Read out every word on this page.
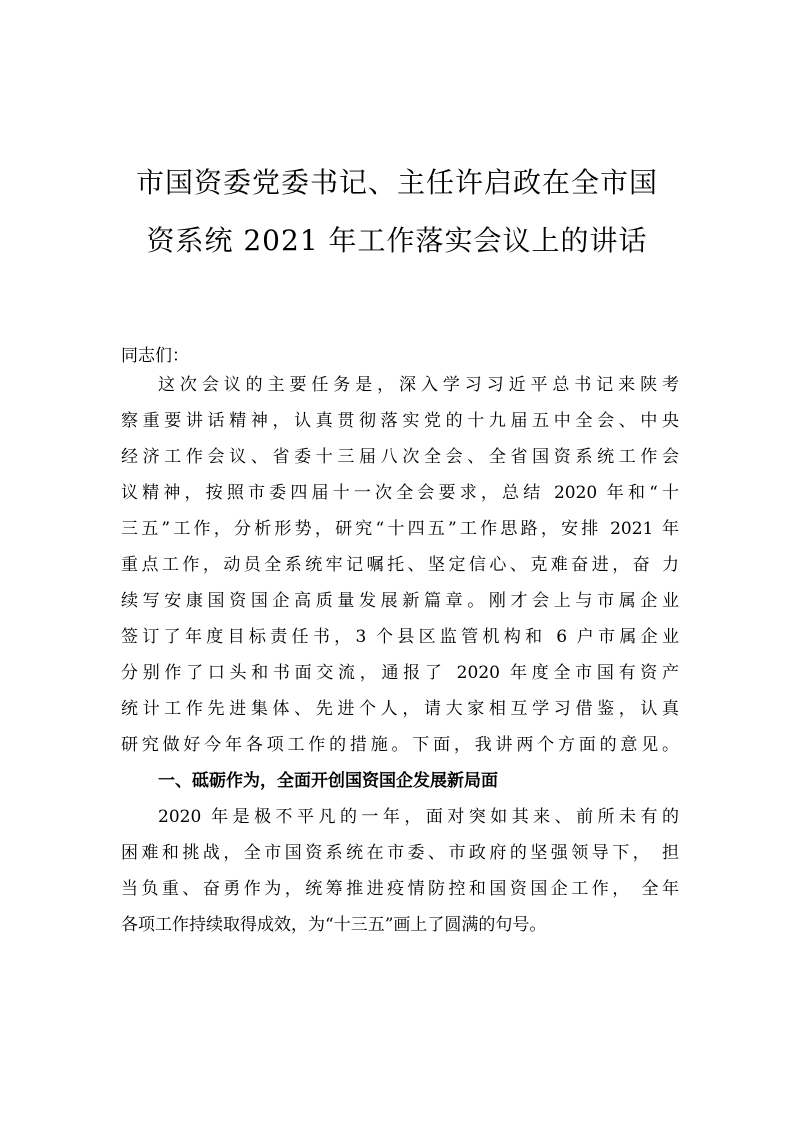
市国资委党委书记、主任许启政在全市国
资系统 2021 年工作落实会议上的讲话
同志们：
这次会议的主要任务是，深入学习习近平总书记来陕考
察重要讲话精神，认真贯彻落实党的十九届五中全会、中央
经济工作会议、省委十三届八次全会、全省国资系统工作会
议精神，按照市委四届十一次全会要求，总结 2020 年和“十
三五”工作，分析形势，研究“十四五”工作思路，安排 2021 年
重点工作，动员全系统牢记嘱托、坚定信心、克难奋进，奋 力
续写安康国资国企高质量发展新篇章。刚才会上与市属企业
签订了年度目标责任书，3 个县区监管机构和 6 户市属企业
分别作了口头和书面交流，通报了 2020 年度全市国有资产
统计工作先进集体、先进个人，请大家相互学习借鉴，认真
研究做好今年各项工作的措施。下面，我讲两个方面的意见。
一、砥砺作为，全面开创国资国企发展新局面
2020 年是极不平凡的一年，面对突如其来、前所未有的
困难和挑战，全市国资系统在市委、市政府的坚强领导下， 担
当负重、奋勇作为，统筹推进疫情防控和国资国企工作， 全年
各项工作持续取得成效，为“十三五”画上了圆满的句号。
